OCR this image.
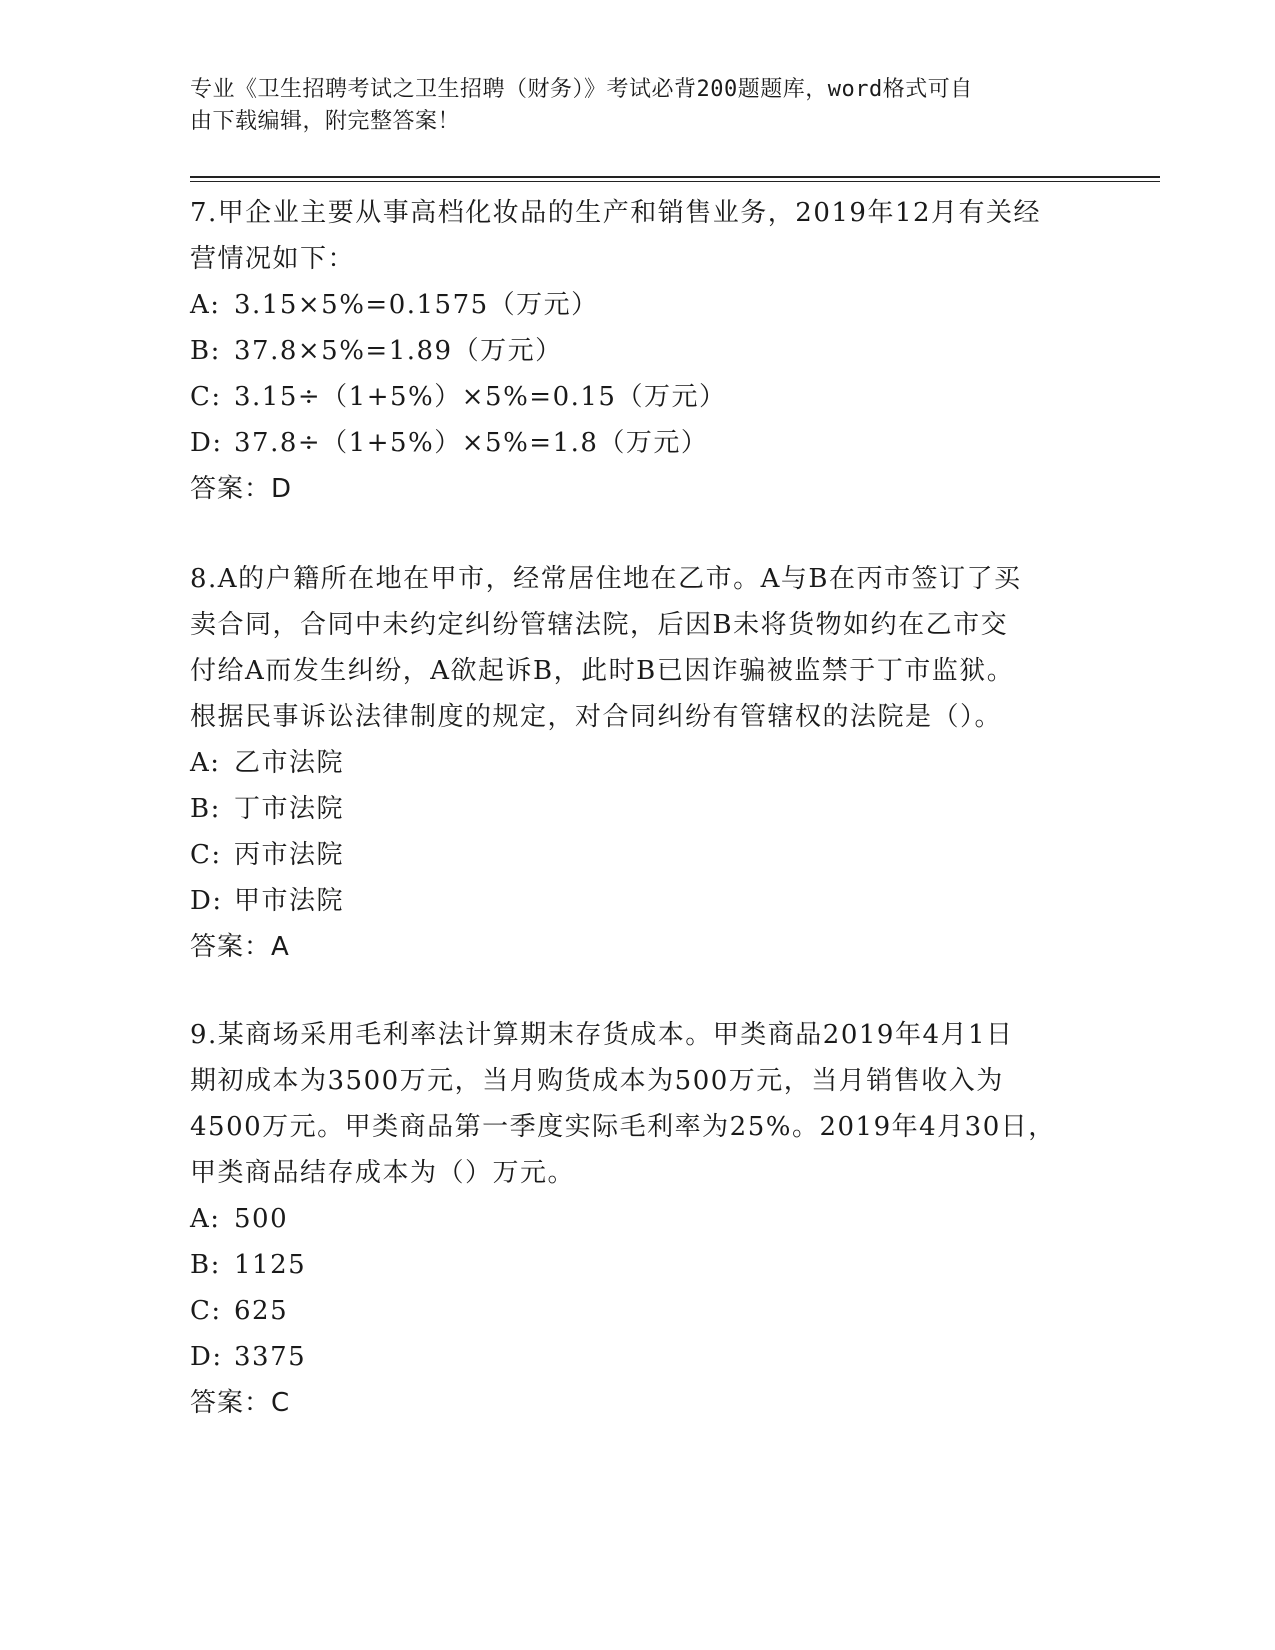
专业《卫生招聘考试之卫生招聘（财务）》考试必背200题题库，word格式可自
由下载编辑，附完整答案！
7.甲企业主要从事高档化妆品的生产和销售业务，2019年12月有关经
营情况如下：
A: 3.15×5%=0.1575（万元）
B: 37.8×5%=1.89（万元）
C: 3.15÷（1+5%）×5%=0.15（万元）
D: 37.8÷（1+5%）×5%=1.8（万元）
答案：D
8.A的户籍所在地在甲市，经常居住地在乙市。A与B在丙市签订了买
卖合同，合同中未约定纠纷管辖法院，后因B未将货物如约在乙市交
付给A而发生纠纷，A欲起诉B，此时B已因诈骗被监禁于丁市监狱。
根据民事诉讼法律制度的规定，对合同纠纷有管辖权的法院是（）。
A: 乙市法院
B: 丁市法院
C: 丙市法院
D: 甲市法院
答案：A
9.某商场采用毛利率法计算期末存货成本。甲类商品2019年4月1日
期初成本为3500万元，当月购货成本为500万元，当月销售收入为
4500万元。甲类商品第一季度实际毛利率为25%。2019年4月30日，
甲类商品结存成本为（）万元。
A: 500
B: 1125
C: 625
D: 3375
答案：C
